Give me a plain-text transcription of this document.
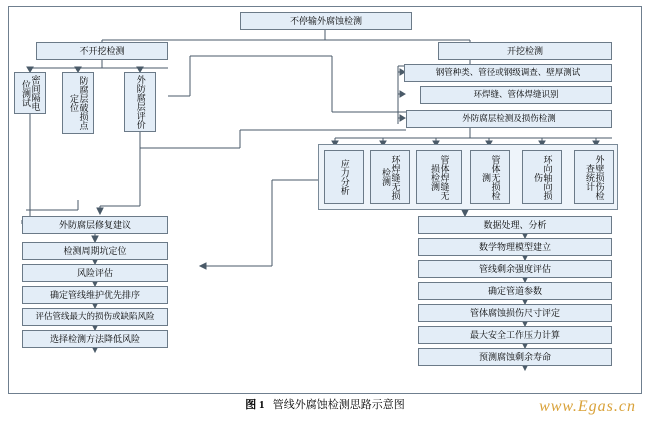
不停输外腐蚀检测
不开挖检测	开挖检测
密间隔电位测试	防腐层破损点定位	外防腐层评价
钢管种类、管径或钢级调查、壁厚测试
环焊缝、管体焊缝识别
外防腐层检测及损伤检测
应力分析	环焊缝无损检测	管体焊缝无损检测	管体无损检测	环向轴向损伤	外壁损伤检查统计
外防腐层修复建议
检测周期坑定位
风险评估
确定管线维护优先排序
评估管线最大的损伤或缺陷风险
选择检测方法降低风险
数据处理、分析
数学物理模型建立
管线剩余强度评估
确定管道参数
管体腐蚀损伤尺寸评定
最大安全工作压力计算
预测腐蚀剩余寿命
图 1 管线外腐蚀检测思路示意图	www.Egas.cn
